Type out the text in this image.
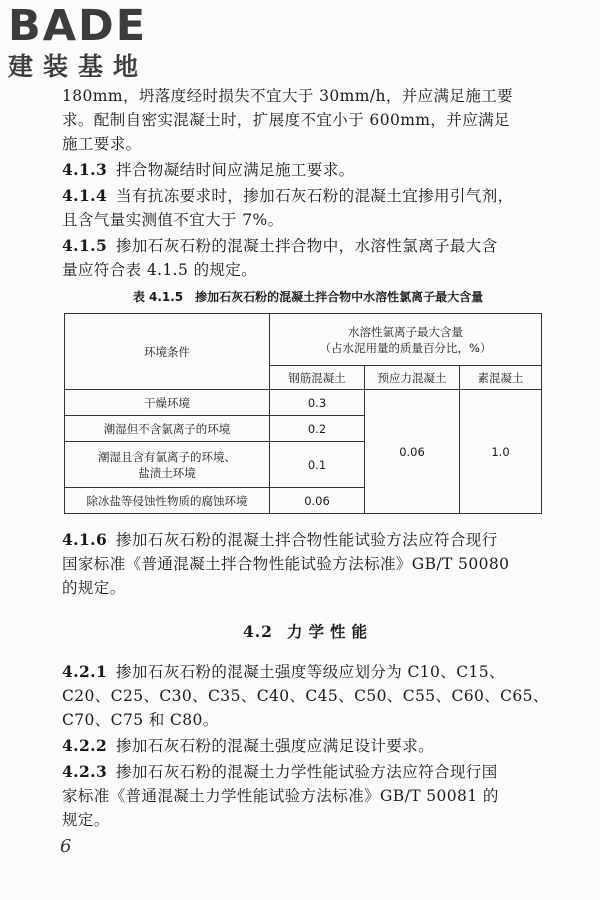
BADE
建装基地

180mm，坍落度经时损失不宜大于 30mm/h，并应满足施工要

求。配制自密实混凝土时，扩展度不宜小于 600mm，并应满足

施工要求。

4.1.3 拌合物凝结时间应满足施工要求。

4.1.4 当有抗冻要求时，掺加石灰石粉的混凝土宜掺用引气剂，

且含气量实测值不宜大于 7%。

4.1.5 掺加石灰石粉的混凝土拌合物中，水溶性氯离子最大含

量应符合表 4.1.5 的规定。

表 4.1.5　掺加石灰石粉的混凝土拌合物中水溶性氯离子最大含量
环境条件	水溶性氯离子最大含量
（占水泥用量的质量百分比，%）		

	钢筋混凝土	预应力混凝土	素混凝土
干燥环境	0.3	0.06	1.0
潮湿但不含氯离子的环境	0.2		

潮湿且含有氯离子的环境、
盐渍土环境	0.1		
除冰盐等侵蚀性物质的腐蚀环境	0.06		

4.1.6 掺加石灰石粉的混凝土拌合物性能试验方法应符合现行

国家标准《普通混凝土拌合物性能试验方法标准》GB/T 50080

的规定。

4.2 力学性能

4.2.1 掺加石灰石粉的混凝土强度等级应划分为 C10、C15、

C20、C25、C30、C35、C40、C45、C50、C55、C60、C65、

C70、C75 和 C80。

4.2.2 掺加石灰石粉的混凝土强度应满足设计要求。

4.2.3 掺加石灰石粉的混凝土力学性能试验方法应符合现行国

家标准《普通混凝土力学性能试验方法标准》GB/T 50081 的

规定。

6
